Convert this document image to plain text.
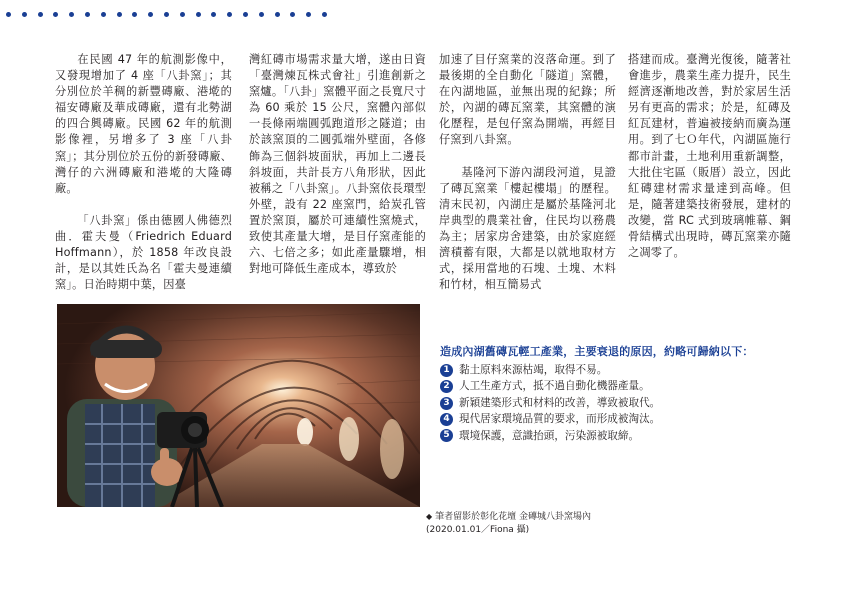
在民國 47 年的航測影像中，又發現增加了 4 座「八卦窯」；其分別位於羊稠的新豐磚廠、港墘的福安磚廠及華成磚廠，還有北勢湖的四合興磚廠。民國 62 年的航測影像裡，另增多了 3 座「八卦窯」；其分別位於五份的新發磚廠、灣仔的六洲磚廠和港墘的大隆磚廠。

「八卦窯」係由德國人佛德烈曲．霍夫曼（Friedrich Eduard Hoffmann），於 1858 年改良設計，是以其姓氏為名「霍夫曼連續窯」。日治時期中葉，因臺

灣紅磚市場需求量大增，遂由日資「臺灣煉瓦株式會社」引進創新之窯爐。「八卦」窯體平面之長寬尺寸為 60 乘於 15 公尺，窯體內部似一長條兩端圓弧跑道形之隧道；由於該窯頂的二圓弧端外壁面，各修飾為三個斜坡面狀，再加上二邊長斜坡面，共計長方八角形狀，因此被稱之「八卦窯」。八卦窯依長環型外壁，設有 22 座窯門，給炭孔管置於窯頂，屬於可連續性窯燒式，致使其產量大增，是目仔窯產能的六、七倍之多；如此產量驟增，相對地可降低生產成本，導致於

加速了目仔窯業的沒落命運。到了最後期的全自動化「隧道」窯體，在內湖地區，並無出現的紀錄；所於，內湖的磚瓦窯業，其窯體的演化歷程，是包仔窯為開端，再經目仔窯到八卦窯。

基隆河下游內湖段河道，見證了磚瓦窯業「樓起樓塌」的歷程。清末民初，內湖庄是屬於基隆河北岸典型的農業社會，住民均以務農為主；居家房舍建築，由於家庭經濟積蓄有限，大都是以就地取材方式，採用當地的石塊、土塊、木料和竹材，相互簡易式

搭建而成。臺灣光復後，隨著社會進步，農業生產力提升，民生經濟逐漸地改善，對於家居生活另有更高的需求；於是，紅磚及紅瓦建材，普遍被接納而廣為運用。到了七Ｏ年代，內湖區施行都市計畫，土地利用重新調整，大批住宅區（販厝）設立，因此紅磚建材需求量達到高峰。但是，隨著建築技術發展，建材的改變，當 RC 式到玻璃帷幕、鋼骨結構式出現時，磚瓦窯業亦隨之凋零了。

◆ 筆者留影於彰化花壇 金磚城八卦窯場內(2020.01.01／Fiona 攝)
造成內湖舊磚瓦輕工產業，主要衰退的原因，約略可歸納以下：
1 黏土原料來源枯竭，取得不易。
2 人工生產方式，抵不過自動化機器產量。
3 新穎建築形式和材料的改善，導致被取代。
4 現代居家環境品質的要求，而形成被淘汰。
5 環境保護，意識抬頭，污染源被取締。
